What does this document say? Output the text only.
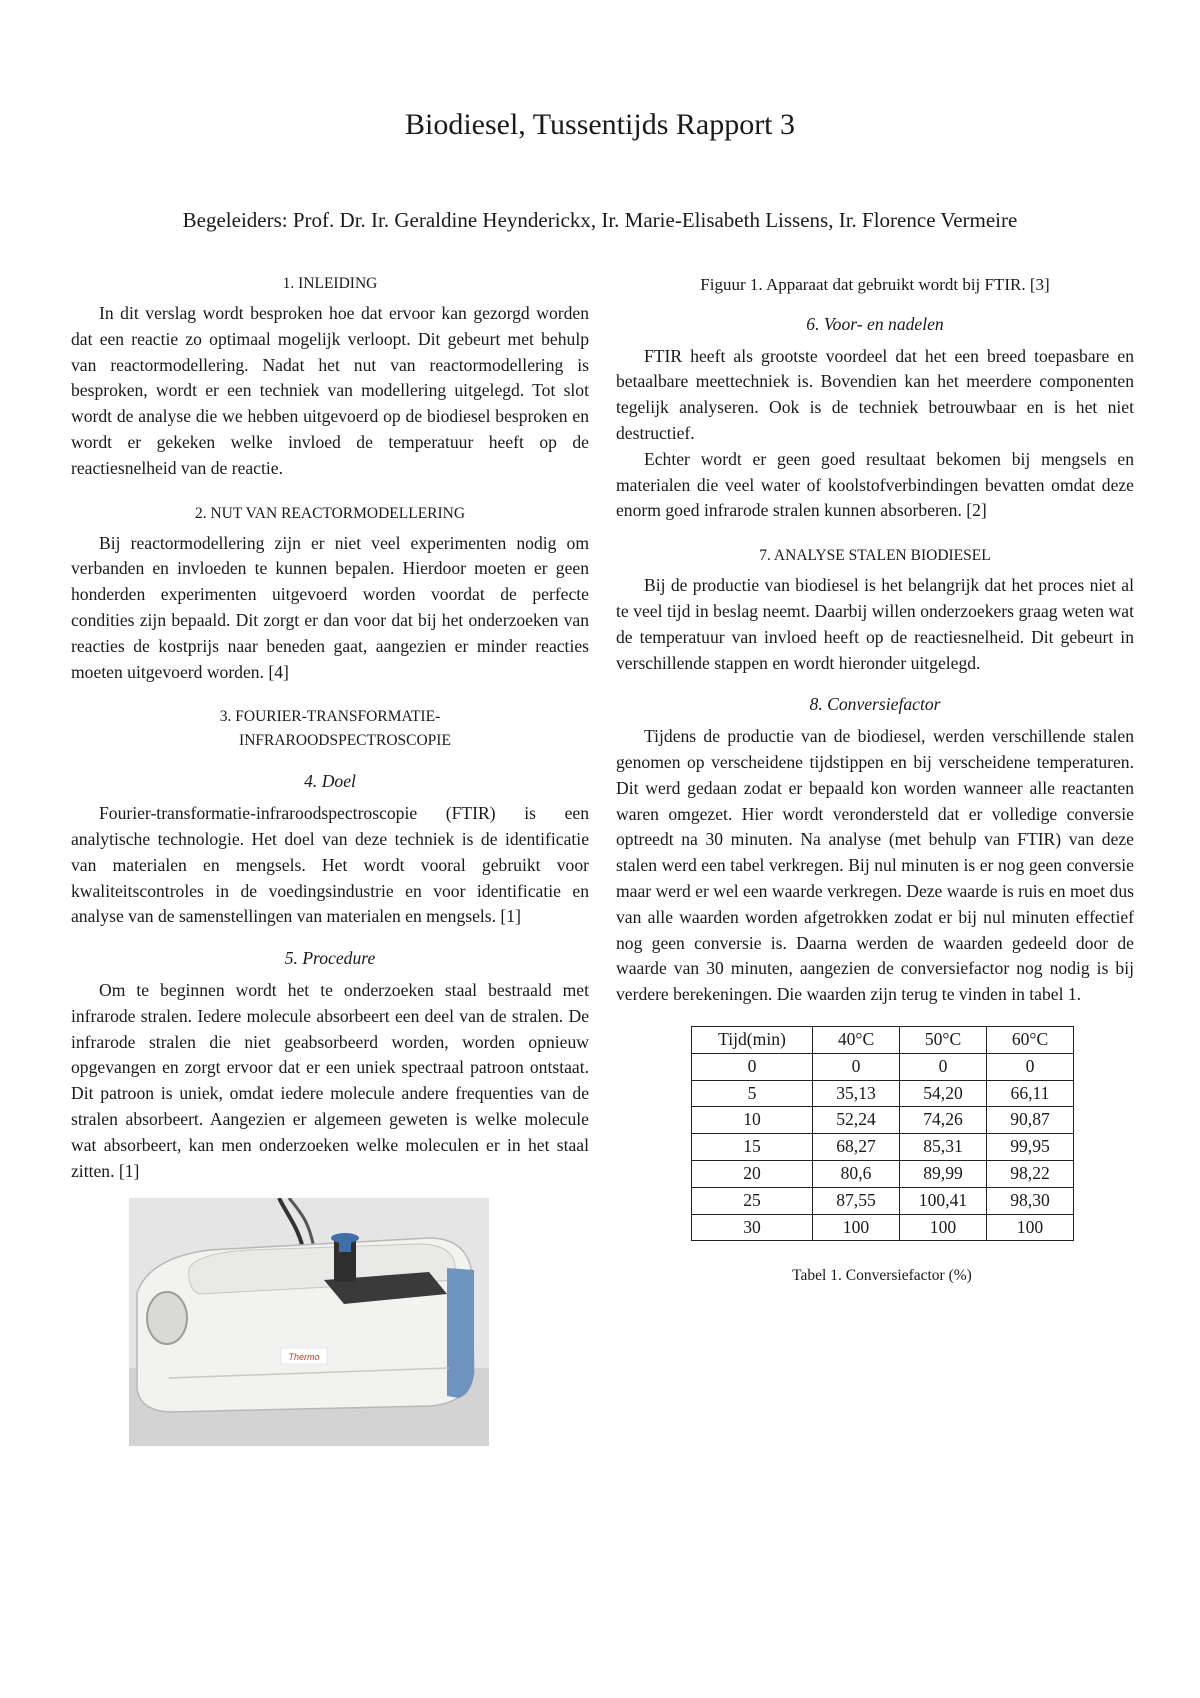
Biodiesel, Tussentijds Rapport 3
Begeleiders: Prof. Dr. Ir. Geraldine Heynderickx, Ir. Marie-Elisabeth Lissens, Ir. Florence Vermeire
1. INLEIDING

In dit verslag wordt besproken hoe dat ervoor kan gezorgd worden dat een reactie zo optimaal mogelijk verloopt. Dit gebeurt met behulp van reactormodellering. Nadat het nut van reactormodellering is besproken, wordt er een techniek van modellering uitgelegd. Tot slot wordt de analyse die we hebben uitgevoerd op de biodiesel besproken en wordt er gekeken welke invloed de temperatuur heeft op de reactiesnelheid van de reactie.

2. NUT VAN REACTORMODELLERING

Bij reactormodellering zijn er niet veel experimenten nodig om verbanden en invloeden te kunnen bepalen. Hierdoor moeten er geen honderden experimenten uitgevoerd worden voordat de perfecte condities zijn bepaald. Dit zorgt er dan voor dat bij het onderzoeken van reacties de kostprijs naar beneden gaat, aangezien er minder reacties moeten uitgevoerd worden. [4]

3. FOURIER-TRANSFORMATIE-
INFRAROODSPECTROSCOPIE
4. Doel

Fourier-transformatie-infraroodspectroscopie (FTIR) is een analytische technologie. Het doel van deze techniek is de identificatie van materialen en mengsels. Het wordt vooral gebruikt voor kwaliteitscontroles in de voedingsindustrie en voor identificatie en analyse van de samenstellingen van materialen en mengsels. [1]

5. Procedure

Om te beginnen wordt het te onderzoeken staal bestraald met infrarode stralen. Iedere molecule absorbeert een deel van de stralen. De infrarode stralen die niet geabsorbeerd worden, worden opnieuw opgevangen en zorgt ervoor dat er een uniek spectraal patroon ontstaat. Dit patroon is uniek, omdat iedere molecule andere frequenties van de stralen absorbeert. Aangezien er algemeen geweten is welke molecule wat absorbeert, kan men onderzoeken welke moleculen er in het staal zitten. [1]

Thermo
Figuur 1. Apparaat dat gebruikt wordt bij FTIR. [3]
6. Voor- en nadelen

FTIR heeft als grootste voordeel dat het een breed toepasbare en betaalbare meettechniek is. Bovendien kan het meerdere componenten tegelijk analyseren. Ook is de techniek betrouwbaar en is het niet destructief.

Echter wordt er geen goed resultaat bekomen bij mengsels en materialen die veel water of koolstofverbindingen bevatten omdat deze enorm goed infrarode stralen kunnen absorberen. [2]

7. ANALYSE STALEN BIODIESEL

Bij de productie van biodiesel is het belangrijk dat het proces niet al te veel tijd in beslag neemt. Daarbij willen onderzoekers graag weten wat de temperatuur van invloed heeft op de reactiesnelheid. Dit gebeurt in verschillende stappen en wordt hieronder uitgelegd.

8. Conversiefactor

Tijdens de productie van de biodiesel, werden verschillende stalen genomen op verscheidene tijdstippen en bij verscheidene temperaturen. Dit werd gedaan zodat er bepaald kon worden wanneer alle reactanten waren omgezet. Hier wordt verondersteld dat er volledige conversie optreedt na 30 minuten. Na analyse (met behulp van FTIR) van deze stalen werd een tabel verkregen. Bij nul minuten is er nog geen conversie maar werd er wel een waarde verkregen. Deze waarde is ruis en moet dus van alle waarden worden afgetrokken zodat er bij nul minuten effectief nog geen conversie is. Daarna werden de waarden gedeeld door de waarde van 30 minuten, aangezien de conversiefactor nog nodig is bij verdere berekeningen. Die waarden zijn terug te vinden in tabel 1.

Tijd(min)	40°C	50°C	60°C
0	0	0	0
5	35,13	54,20	66,11
10	52,24	74,26	90,87
15	68,27	85,31	99,95
20	80,6	89,99	98,22
25	87,55	100,41	98,30
30	100	100	100
Tabel 1. Conversiefactor (%)
